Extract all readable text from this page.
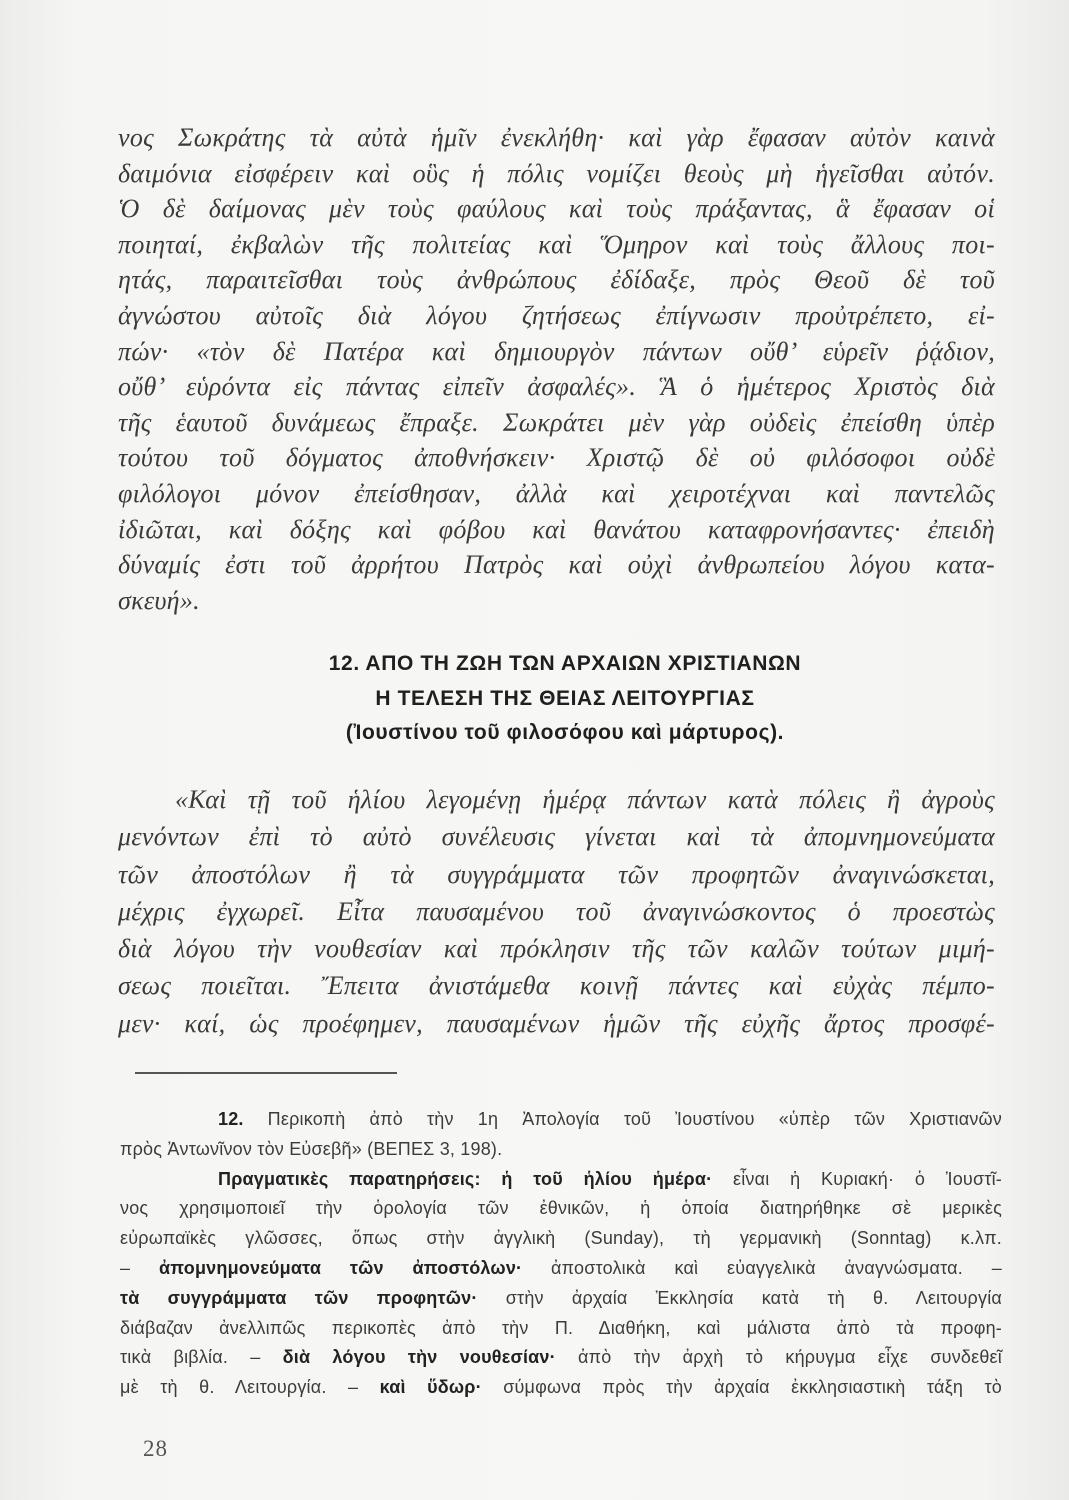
νος Σωκράτης τὰ αὐτὰ ἡμῖν ἐνεκλήθη· καὶ γὰρ ἔφασαν αὐτὸν καινὰ
δαιμόνια εἰσφέρειν καὶ οὓς ἡ πόλις νομίζει θεοὺς μὴ ἡγεῖσθαι αὐτόν.
Ὁ δὲ δαίμονας μὲν τοὺς φαύλους καὶ τοὺς πράξαντας, ἃ ἔφασαν οἱ
ποιηταί, ἐκβαλὼν τῆς πολιτείας καὶ Ὅμηρον καὶ τοὺς ἄλλους ποι-
ητάς, παραιτεῖσθαι τοὺς ἀνθρώπους ἐδίδαξε, πρὸς Θεοῦ δὲ τοῦ
ἀγνώστου αὐτοῖς διὰ λόγου ζητήσεως ἐπίγνωσιν προὐτρέπετο, εἰ-
πών· «τὸν δὲ Πατέρα καὶ δημιουργὸν πάντων οὔθ’ εὑρεῖν ῥᾴδιον,
οὔθ’ εὑρόντα εἰς πάντας εἰπεῖν ἀσφαλές». Ἃ ὁ ἡμέτερος Χριστὸς διὰ
τῆς ἑαυτοῦ δυνάμεως ἔπραξε. Σωκράτει μὲν γὰρ οὐδεὶς ἐπείσθη ὑπὲρ
τούτου τοῦ δόγματος ἀποθνήσκειν· Χριστῷ δὲ οὐ φιλόσοφοι οὐδὲ
φιλόλογοι μόνον ἐπείσθησαν, ἀλλὰ καὶ χειροτέχναι καὶ παντελῶς
ἰδιῶται, καὶ δόξης καὶ φόβου καὶ θανάτου καταφρονήσαντες· ἐπειδὴ
δύναμίς ἐστι τοῦ ἀρρήτου Πατρὸς καὶ οὐχὶ ἀνθρωπείου λόγου κατα-
σκευή».
12. ΑΠΟ ΤΗ ΖΩΗ ΤΩΝ ΑΡΧΑΙΩΝ ΧΡΙΣΤΙΑΝΩΝ
Η ΤΕΛΕΣΗ ΤΗΣ ΘΕΙΑΣ ΛΕΙΤΟΥΡΓΙΑΣ
(Ἰουστίνου τοῦ φιλοσόφου καὶ μάρτυρος).
«Καὶ τῇ τοῦ ἡλίου λεγομένῃ ἡμέρᾳ πάντων κατὰ πόλεις ἢ ἀγροὺς
μενόντων ἐπὶ τὸ αὐτὸ συνέλευσις γίνεται καὶ τὰ ἀπομνημονεύματα
τῶν ἀποστόλων ἢ τὰ συγγράμματα τῶν προφητῶν ἀναγινώσκεται,
μέχρις ἐγχωρεῖ. Εἶτα παυσαμένου τοῦ ἀναγινώσκοντος ὁ προεστὼς
διὰ λόγου τὴν νουθεσίαν καὶ πρόκλησιν τῆς τῶν καλῶν τούτων μιμή-
σεως ποιεῖται. Ἔπειτα ἀνιστάμεθα κοινῇ πάντες καὶ εὐχὰς πέμπο-
μεν· καί, ὡς προέφημεν, παυσαμένων ἡμῶν τῆς εὐχῆς ἄρτος προσφέ-
12. Περικοπὴ ἀπὸ τὴν 1η Ἀπολογία τοῦ Ἰουστίνου «ὑπὲρ τῶν Χριστιανῶν
πρὸς Ἀντωνῖνον τὸν Εὐσεβῆ» (ΒΕΠΕΣ 3, 198).
Πραγματικὲς παρατηρήσεις: ἡ τοῦ ἡλίου ἡμέρα· εἶναι ἡ Κυριακή· ὁ Ἰουστῖ-
νος χρησιμοποιεῖ τὴν ὁρολογία τῶν ἐθνικῶν, ἡ ὁποία διατηρήθηκε σὲ μερικὲς
εὐρωπαϊκὲς γλῶσσες, ὅπως στὴν ἀγγλικὴ (Sunday), τὴ γερμανικὴ (Sonntag) κ.λπ.
– ἀπομνημονεύματα τῶν ἀποστόλων· ἀποστολικὰ καὶ εὐαγγελικὰ ἀναγνώσματα. –
τὰ συγγράμματα τῶν προφητῶν· στὴν ἀρχαία Ἐκκλησία κατὰ τὴ θ. Λειτουργία
διάβαζαν ἀνελλιπῶς περικοπὲς ἀπὸ τὴν Π. Διαθήκη, καὶ μάλιστα ἀπὸ τὰ προφη-
τικὰ βιβλία. – διὰ λόγου τὴν νουθεσίαν· ἀπὸ τὴν ἀρχὴ τὸ κήρυγμα εἶχε συνδεθεῖ
μὲ τὴ θ. Λειτουργία. – καὶ ὕδωρ· σύμφωνα πρὸς τὴν ἀρχαία ἐκκλησιαστικὴ τάξη τὸ
28
